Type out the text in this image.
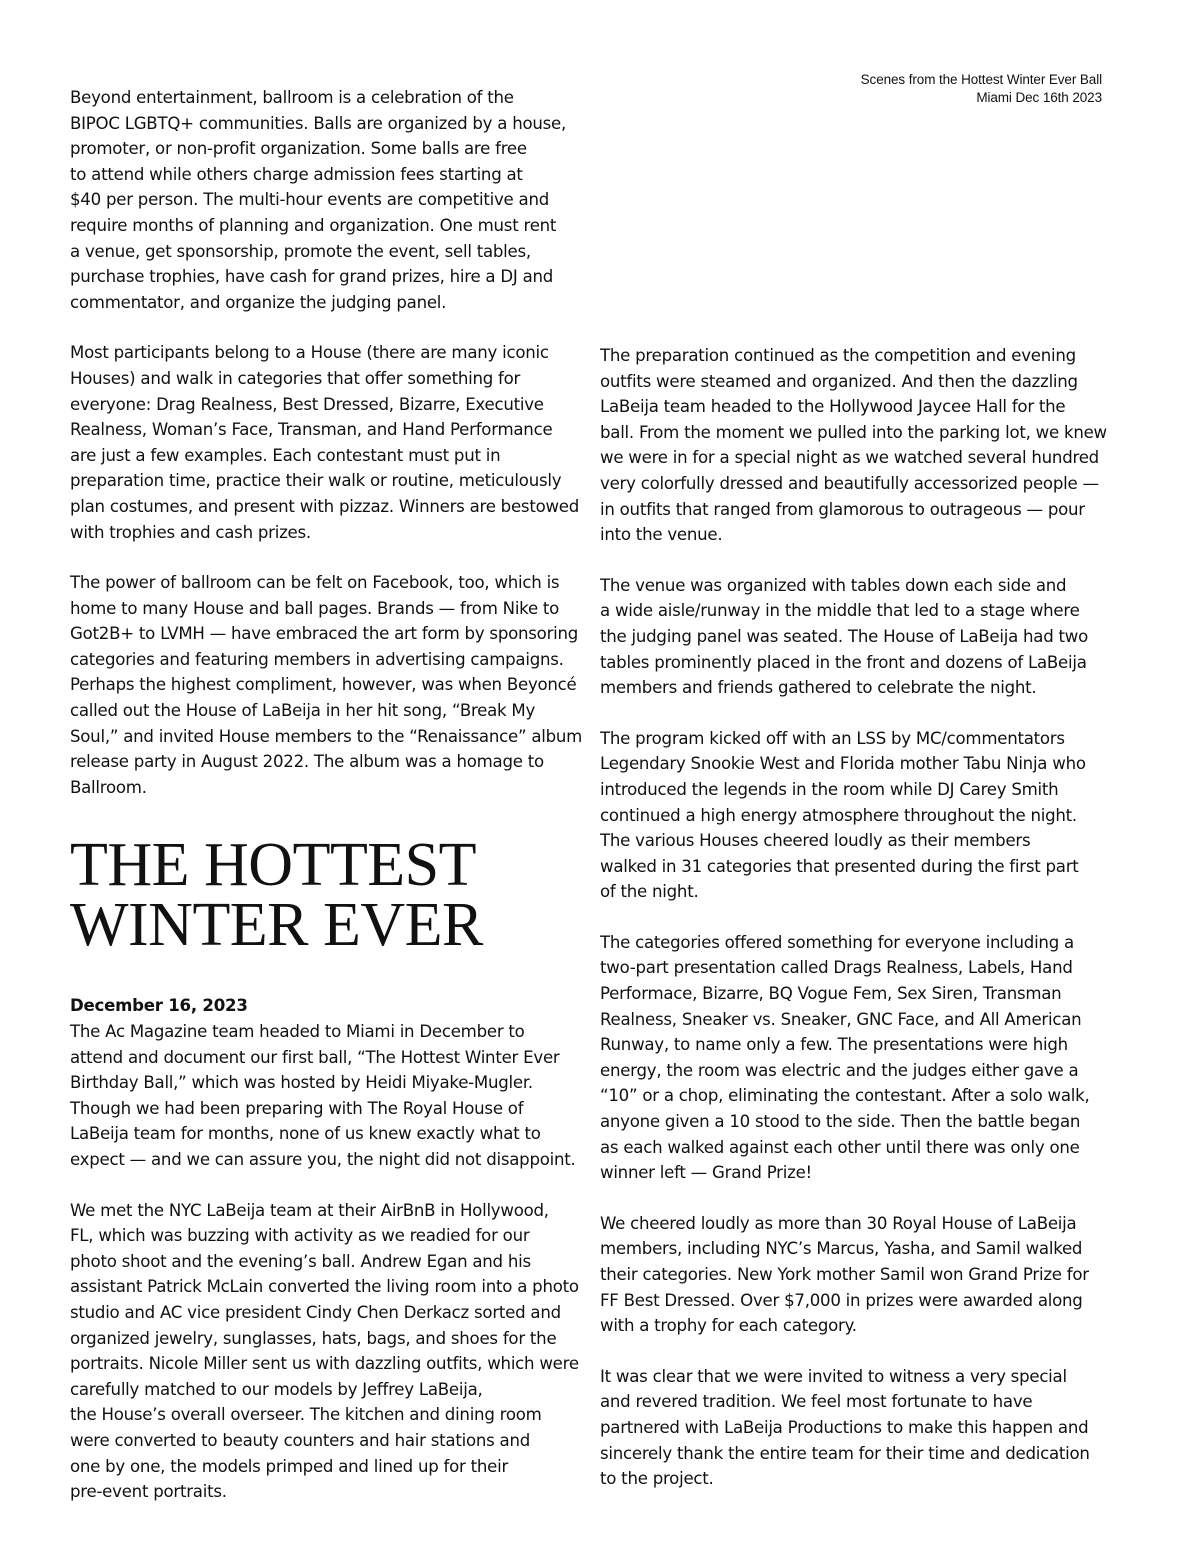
Scenes from the Hottest Winter Ever Ball
Miami Dec 16th 2023

Beyond entertainment, ballroom is a celebration of the
BIPOC LGBTQ+ communities. Balls are organized by a house,
promoter, or non-profit organization. Some balls are free
to attend while others charge admission fees starting at
$40 per person. The multi-hour events are competitive and
require months of planning and organization. One must rent
a venue, get sponsorship, promote the event, sell tables,
purchase trophies, have cash for grand prizes, hire a DJ and
commentator, and organize the judging panel.

Most participants belong to a House (there are many iconic
Houses) and walk in categories that offer something for
everyone: Drag Realness, Best Dressed, Bizarre, Executive
Realness, Woman’s Face, Transman, and Hand Performance
are just a few examples. Each contestant must put in
preparation time, practice their walk or routine, meticulously
plan costumes, and present with pizzaz. Winners are bestowed
with trophies and cash prizes.

The power of ballroom can be felt on Facebook, too, which is
home to many House and ball pages. Brands — from Nike to
Got2B+ to LVMH — have embraced the art form by sponsoring
categories and featuring members in advertising campaigns.
Perhaps the highest compliment, however, was when Beyoncé
called out the House of LaBeija in her hit song, “Break My
Soul,” and invited House members to the “Renaissance” album
release party in August 2022. The album was a homage to
Ballroom.

THE HOTTEST
WINTER EVER

December 16, 2023

The Ac Magazine team headed to Miami in December to
attend and document our first ball, “The Hottest Winter Ever
Birthday Ball,” which was hosted by Heidi Miyake-Mugler.
Though we had been preparing with The Royal House of
LaBeija team for months, none of us knew exactly what to
expect — and we can assure you, the night did not disappoint.

We met the NYC LaBeija team at their AirBnB in Hollywood,
FL, which was buzzing with activity as we readied for our
photo shoot and the evening’s ball. Andrew Egan and his
assistant Patrick McLain converted the living room into a photo
studio and AC vice president Cindy Chen Derkacz sorted and
organized jewelry, sunglasses, hats, bags, and shoes for the
portraits. Nicole Miller sent us with dazzling outfits, which were
carefully matched to our models by Jeffrey LaBeija,
the House’s overall overseer. The kitchen and dining room
were converted to beauty counters and hair stations and
one by one, the models primped and lined up for their
pre-event portraits.

The preparation continued as the competition and evening
outfits were steamed and organized. And then the dazzling
LaBeija team headed to the Hollywood Jaycee Hall for the
ball. From the moment we pulled into the parking lot, we knew
we were in for a special night as we watched several hundred
very colorfully dressed and beautifully accessorized people —
in outfits that ranged from glamorous to outrageous — pour
into the venue.

The venue was organized with tables down each side and
a wide aisle/runway in the middle that led to a stage where
the judging panel was seated. The House of LaBeija had two
tables prominently placed in the front and dozens of LaBeija
members and friends gathered to celebrate the night.

The program kicked off with an LSS by MC/commentators
Legendary Snookie West and Florida mother Tabu Ninja who
introduced the legends in the room while DJ Carey Smith
continued a high energy atmosphere throughout the night.
The various Houses cheered loudly as their members
walked in 31 categories that presented during the first part
of the night.

The categories offered something for everyone including a
two-part presentation called Drags Realness, Labels, Hand
Performace, Bizarre, BQ Vogue Fem, Sex Siren, Transman
Realness, Sneaker vs. Sneaker, GNC Face, and All American
Runway, to name only a few. The presentations were high
energy, the room was electric and the judges either gave a
“10” or a chop, eliminating the contestant. After a solo walk,
anyone given a 10 stood to the side. Then the battle began
as each walked against each other until there was only one
winner left — Grand Prize!

We cheered loudly as more than 30 Royal House of LaBeija
members, including NYC’s Marcus, Yasha, and Samil walked
their categories. New York mother Samil won Grand Prize for
FF Best Dressed. Over $7,000 in prizes were awarded along
with a trophy for each category.

It was clear that we were invited to witness a very special
and revered tradition. We feel most fortunate to have
partnered with LaBeija Productions to make this happen and
sincerely thank the entire team for their time and dedication
to the project.
